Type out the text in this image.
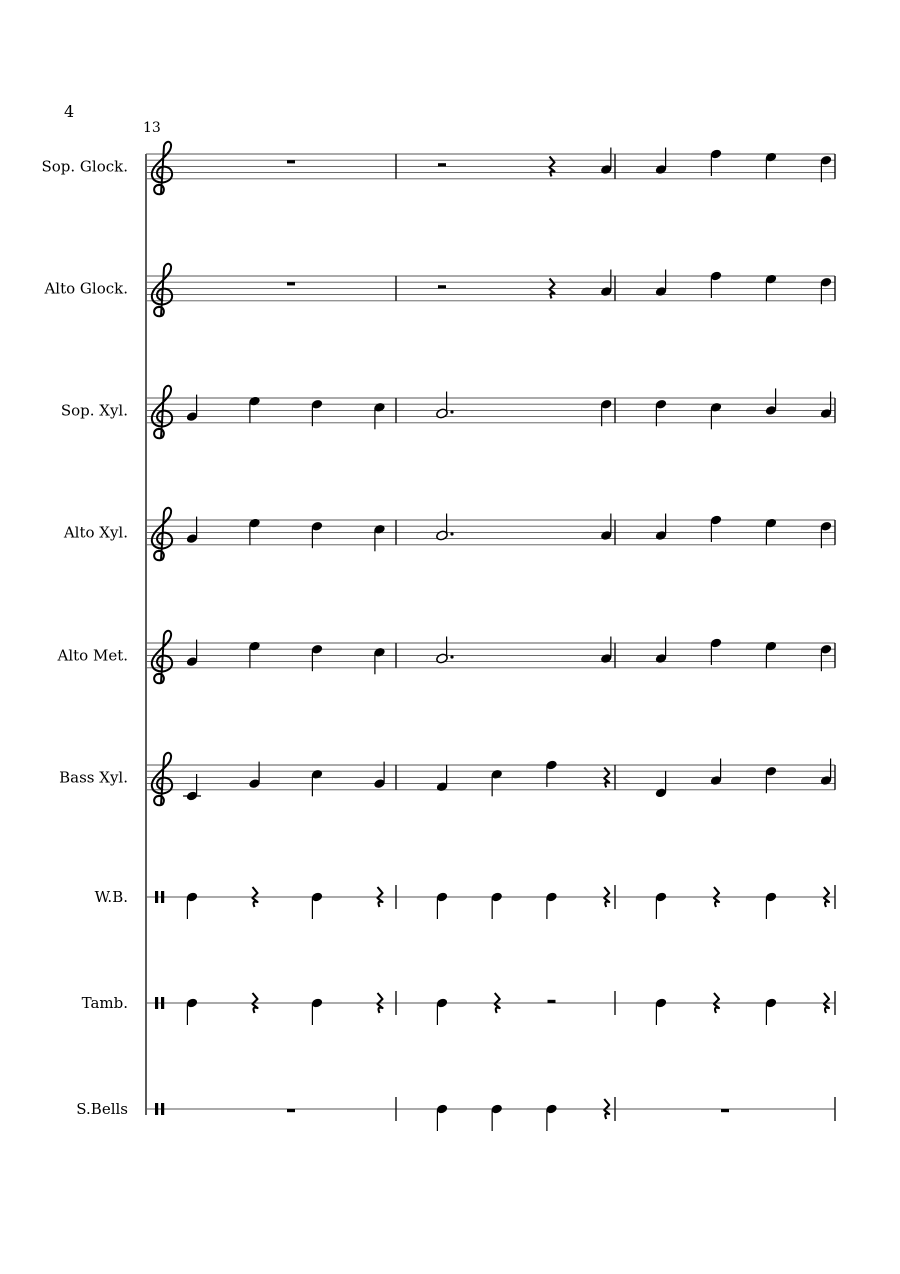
4
13
Sop. Glock.
Alto Glock.
Sop. Xyl.
Alto Xyl.
Alto Met.
Bass Xyl.
W.B.
Tamb.
S.Bells
